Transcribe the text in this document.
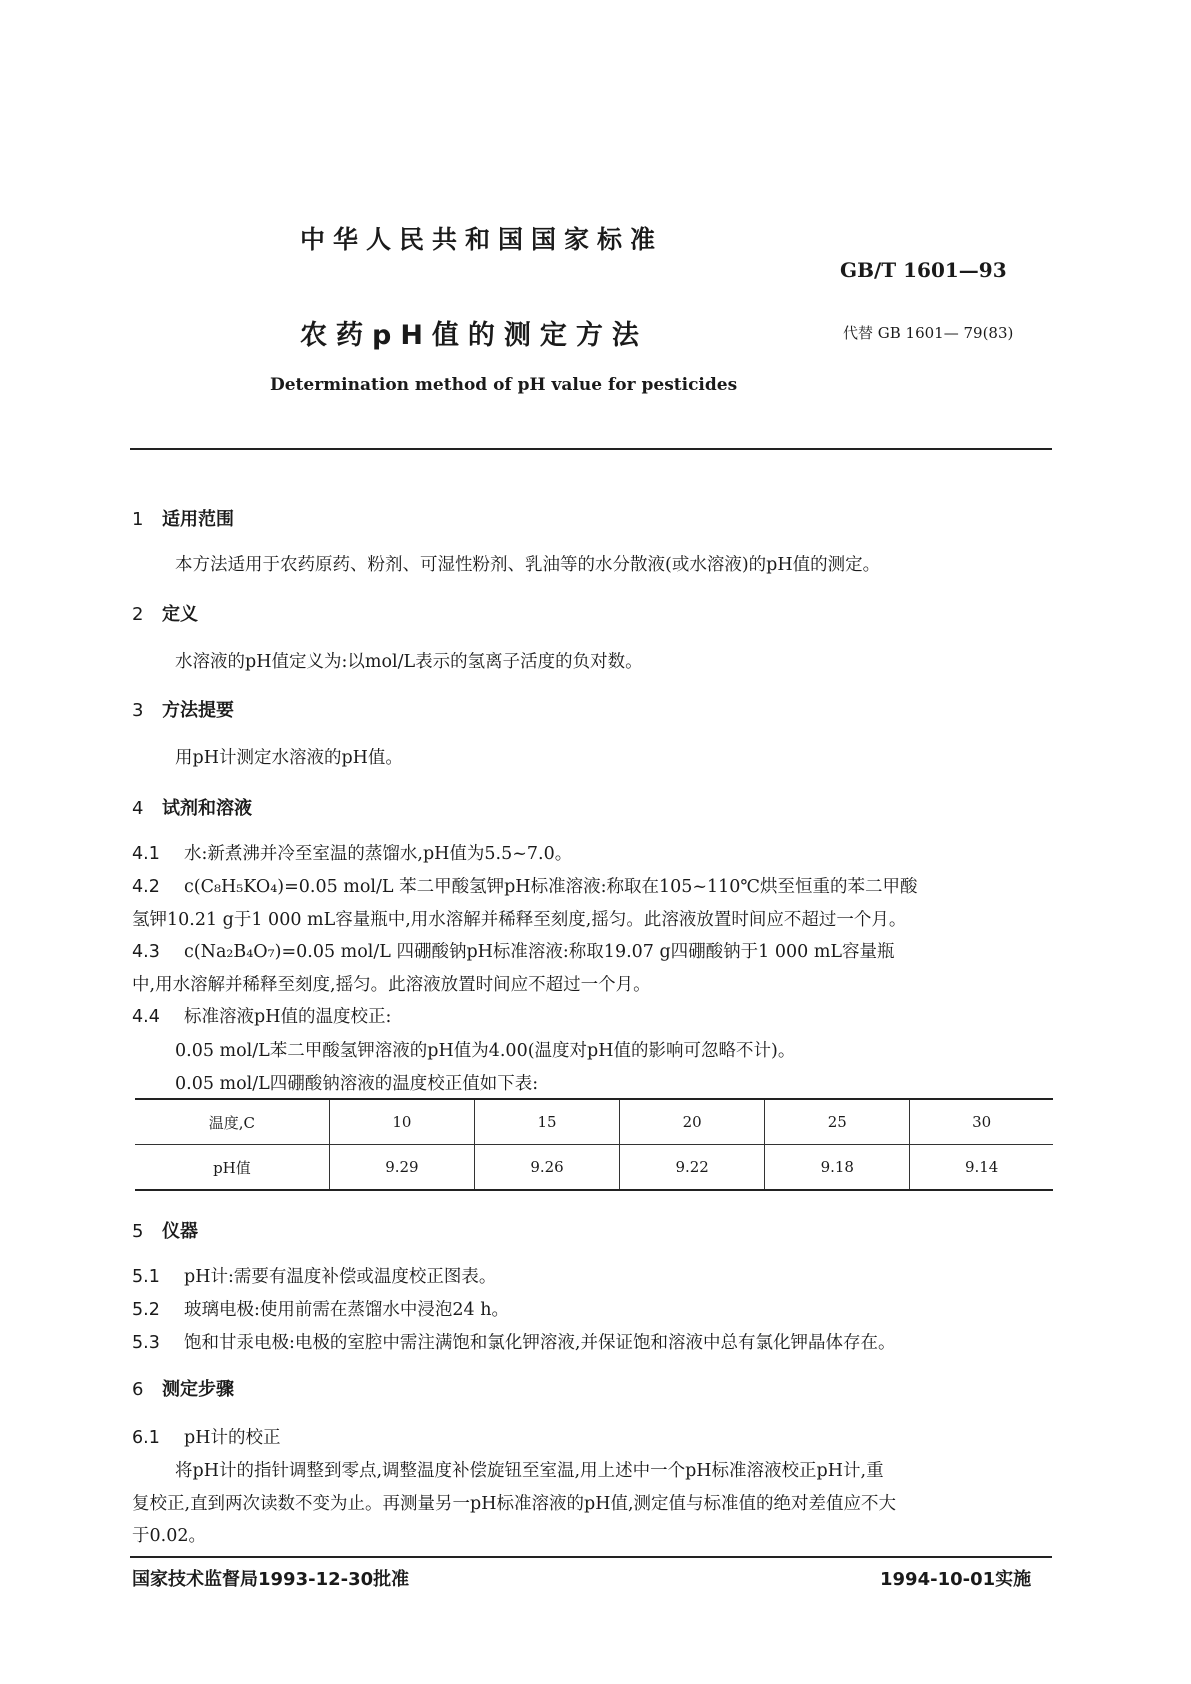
中华人民共和国国家标准
GB/T 1601—93
农药pH值的测定方法	代替 GB 1601— 79(83)
Determination method of pH value for pesticides
1 适用范围
本方法适用于农药原药、粉剂、可湿性粉剂、乳油等的水分散液(或水溶液)的pH值的测定。
2 定义
水溶液的pH值定义为:以mol/L表示的氢离子活度的负对数。
3 方法提要
用pH计测定水溶液的pH值。
4 试剂和溶液
4.1 水:新煮沸并冷至室温的蒸馏水,pH值为5.5~7.0。
4.2 c(C₈H₅KO₄)=0.05 mol/L 苯二甲酸氢钾pH标准溶液:称取在105~110℃烘至恒重的苯二甲酸
氢钾10.21 g于1 000 mL容量瓶中,用水溶解并稀释至刻度,摇匀。此溶液放置时间应不超过一个月。
4.3 c(Na₂B₄O₇)=0.05 mol/L 四硼酸钠pH标准溶液:称取19.07 g四硼酸钠于1 000 mL容量瓶
中,用水溶解并稀释至刻度,摇匀。此溶液放置时间应不超过一个月。
4.4 标准溶液pH值的温度校正:
0.05 mol/L苯二甲酸氢钾溶液的pH值为4.00(温度对pH值的影响可忽略不计)。
0.05 mol/L四硼酸钠溶液的温度校正值如下表:
温度,C	10	15	20	25	30
pH值	9.29	9.26	9.22	9.18	9.14
5 仪器
5.1 pH计:需要有温度补偿或温度校正图表。
5.2 玻璃电极:使用前需在蒸馏水中浸泡24 h。
5.3 饱和甘汞电极:电极的室腔中需注满饱和氯化钾溶液,并保证饱和溶液中总有氯化钾晶体存在。
6 测定步骤
6.1 pH计的校正
将pH计的指针调整到零点,调整温度补偿旋钮至室温,用上述中一个pH标准溶液校正pH计,重
复校正,直到两次读数不变为止。再测量另一pH标准溶液的pH值,测定值与标准值的绝对差值应不大
于0.02。
国家技术监督局1993-12-30批准	1994-10-01实施
